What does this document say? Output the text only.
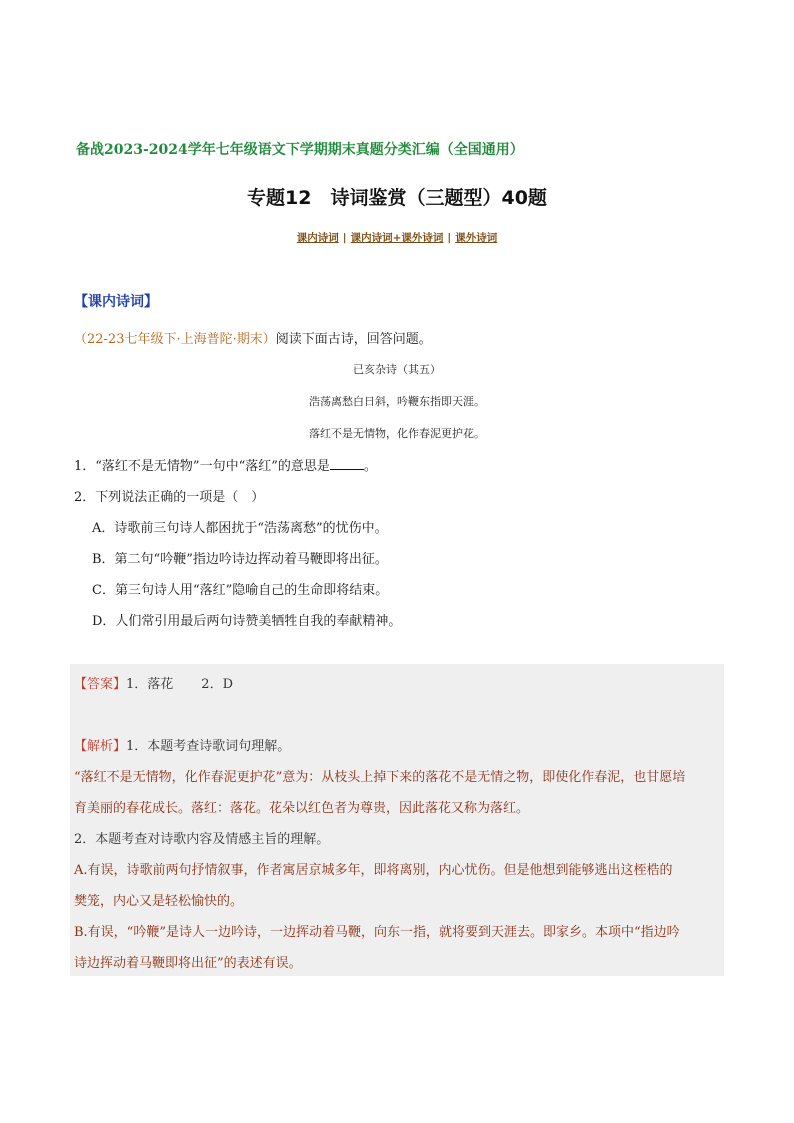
备战2023-2024学年七年级语文下学期期末真题分类汇编（全国通用）
专题12　诗词鉴赏（三题型）40题
课内诗词 | 课内诗词+课外诗词 | 课外诗词
【课内诗词】
（22-23七年级下·上海普陀·期末）阅读下面古诗，回答问题。
已亥杂诗（其五）
浩荡离愁白日斜，吟鞭东指即天涯。
落红不是无情物，化作春泥更护花。
1．“落红不是无情物”一句中“落红”的意思是	。
2．下列说法正确的一项是（　）
A．诗歌前三句诗人都困扰于“浩荡离愁”的忧伤中。
B．第二句“吟鞭”指边吟诗边挥动着马鞭即将出征。
C．第三句诗人用“落红”隐喻自己的生命即将结束。
D．人们常引用最后两句诗赞美牺牲自我的奉献精神。
【答案】1．落花 2．D
【解析】1．本题考查诗歌词句理解。
“落红不是无情物，化作春泥更护花”意为：从枝头上掉下来的落花不是无情之物，即使化作春泥，也甘愿培
育美丽的春花成长。落红：落花。花朵以红色者为尊贵，因此落花又称为落红。
2．本题考查对诗歌内容及情感主旨的理解。
A.有误，诗歌前两句抒情叙事，作者寓居京城多年，即将离别，内心忧伤。但是他想到能够逃出这桎梏的
樊笼，内心又是轻松愉快的。
B.有误，“吟鞭”是诗人一边吟诗，一边挥动着马鞭，向东一指，就将要到天涯去。即家乡。本项中“指边吟
诗边挥动着马鞭即将出征”的表述有误。
